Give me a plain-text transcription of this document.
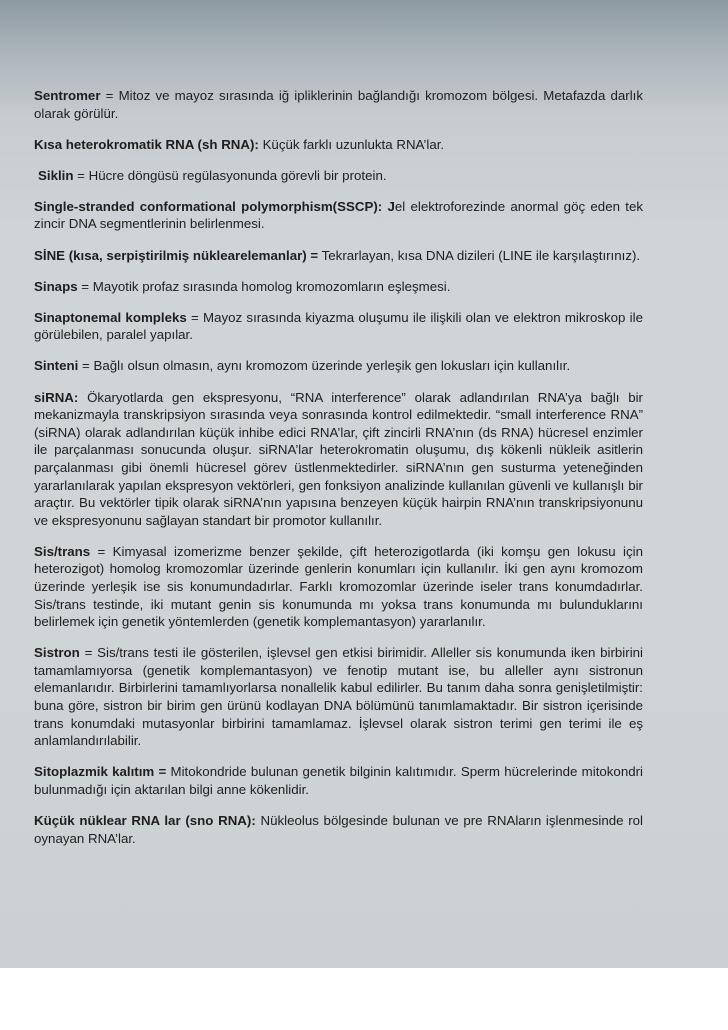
Sentromer = Mitoz ve mayoz sırasında iğ ipliklerinin bağlandığı kromozom bölgesi. Metafazda darlık olarak görülür.

Kısa heterokromatik RNA (sh RNA): Küçük farklı uzunlukta RNA’lar.

Siklin = Hücre döngüsü regülasyonunda görevli bir protein.

Single-stranded conformational polymorphism(SSCP): Jel elektroforezinde anormal göç eden tek zincir DNA segmentlerinin belirlenmesi.

SİNE (kısa, serpiştirilmiş nüklearelemanlar) = Tekrarlayan, kısa DNA dizileri (LINE ile karşılaştırınız).

Sinaps = Mayotik profaz sırasında homolog kromozomların eşleşmesi.

Sinaptonemal kompleks = Mayoz sırasında kiyazma oluşumu ile ilişkili olan ve elektron mikroskop ile görülebilen, paralel yapılar.

Sinteni = Bağlı olsun olmasın, aynı kromozom üzerinde yerleşik gen lokusları için kullanılır.

siRNA: Ökaryotlarda gen ekspresyonu, “RNA interference” olarak adlandırılan RNA’ya bağlı bir mekanizmayla transkripsiyon sırasında veya sonrasında kontrol edilmektedir. “small interference RNA” (siRNA) olarak adlandırılan küçük inhibe edici RNA’lar, çift zincirli RNA’nın (ds RNA) hücresel enzimler ile parçalanması sonucunda oluşur. siRNA’lar heterokromatin oluşumu, dış kökenli nükleik asitlerin parçalanması gibi önemli hücresel görev üstlenmektedirler. siRNA’nın gen susturma yeteneğinden yararlanılarak yapılan ekspresyon vektörleri, gen fonksiyon analizinde kullanılan güvenli ve kullanışlı bir araçtır. Bu vektörler tipik olarak siRNA’nın yapısına benzeyen küçük hairpin RNA’nın transkripsiyonunu ve ekspresyonunu sağlayan standart bir promotor kullanılır.

Sis/trans = Kimyasal izomerizme benzer şekilde, çift heterozigotlarda (iki komşu gen lokusu için heterozigot) homolog kromozomlar üzerinde genlerin konumları için kullanılır. İki gen aynı kromozom üzerinde yerleşik ise sis konumundadırlar. Farklı kromozomlar üzerinde iseler trans konumdadırlar. Sis/trans testinde, iki mutant genin sis konumunda mı yoksa trans konumunda mı bulunduklarını belirlemek için genetik yöntemlerden (genetik komplemantasyon) yararlanılır.

Sistron = Sis/trans testi ile gösterilen, işlevsel gen etkisi birimidir. Alleller sis konumunda iken birbirini tamamlamıyorsa (genetik komplemantasyon) ve fenotip mutant ise, bu alleller aynı sistronun elemanlarıdır. Birbirlerini tamamlıyorlarsa nonallelik kabul edilirler. Bu tanım daha sonra genişletilmiştir: buna göre, sistron bir birim gen ürünü kodlayan DNA bölümünü tanımlamaktadır. Bir sistron içerisinde trans konumdaki mutasyonlar birbirini tamamlamaz. İşlevsel olarak sistron terimi gen terimi ile eş anlamlandırılabilir.

Sitoplazmik kalıtım = Mitokondride bulunan genetik bilginin kalıtımıdır. Sperm hücrelerinde mitokondri bulunmadığı için aktarılan bilgi anne kökenlidir.

Küçük nüklear RNA lar (sno RNA): Nükleolus bölgesinde bulunan ve pre RNAların işlenmesinde rol oynayan RNA’lar.
